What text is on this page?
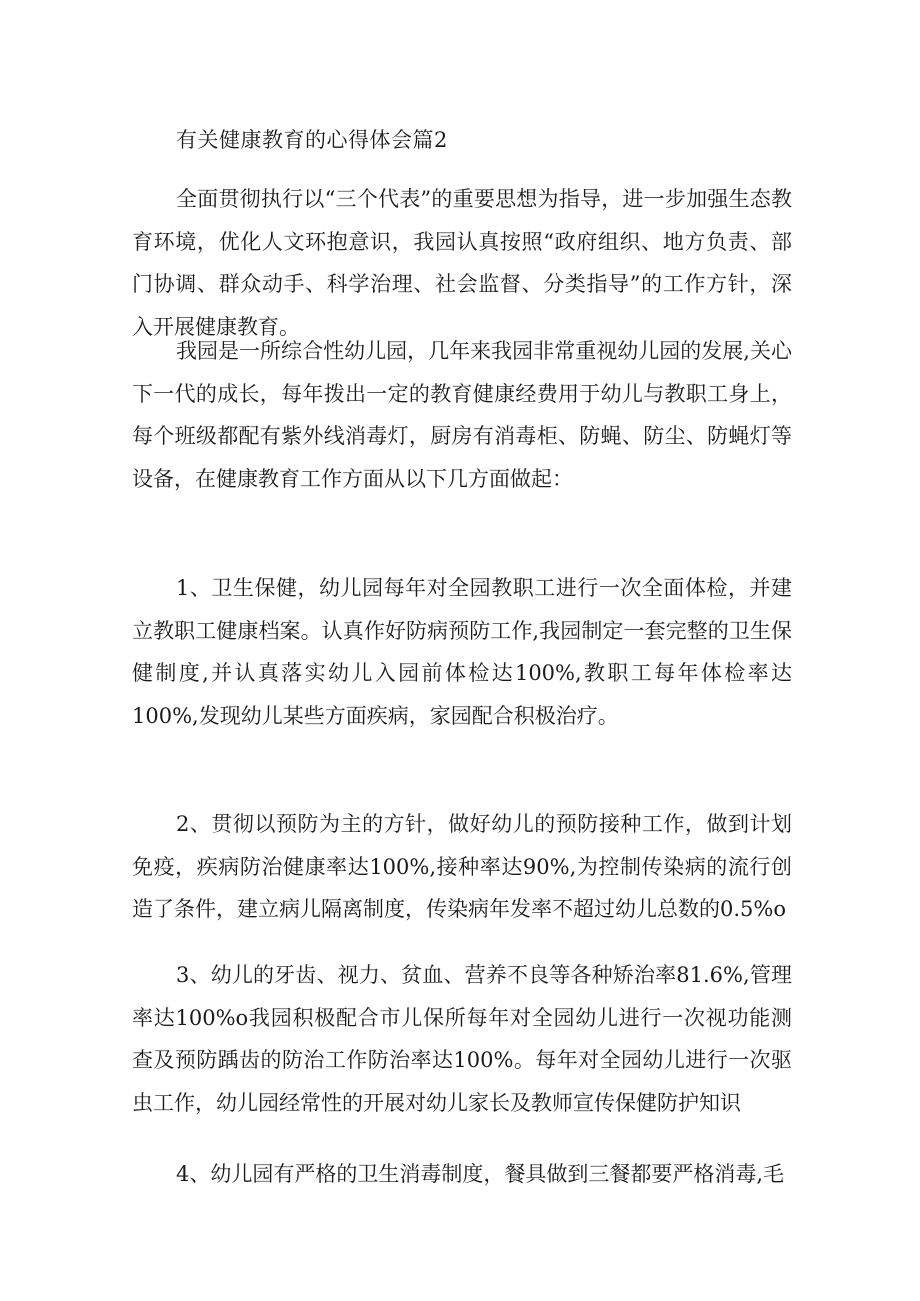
有关健康教育的心得体会篇2

全面贯彻执行以“三个代表”的重要思想为指导，进一步加强生态教育环境，优化人文环抱意识，我园认真按照“政府组织、地方负责、部门协调、群众动手、科学治理、社会监督、分类指导”的工作方针，深入开展健康教育。

我园是一所综合性幼儿园，几年来我园非常重视幼儿园的发展,关心下一代的成长，每年拨出一定的教育健康经费用于幼儿与教职工身上，每个班级都配有紫外线消毒灯，厨房有消毒柜、防蝇、防尘、防蝇灯等设备，在健康教育工作方面从以下几方面做起：

1、卫生保健，幼儿园每年对全园教职工进行一次全面体检，并建立教职工健康档案。认真作好防病预防工作,我园制定一套完整的卫生保健制度,并认真落实幼儿入园前体检达100%,教职工每年体检率达100%,发现幼儿某些方面疾病，家园配合积极治疗。

2、贯彻以预防为主的方针，做好幼儿的预防接种工作，做到计划免疫，疾病防治健康率达100%,接种率达90%,为控制传染病的流行创造了条件，建立病儿隔离制度，传染病年发率不超过幼儿总数的0.5%o

3、幼儿的牙齿、视力、贫血、营养不良等各种矫治率81.6%,管理率达100%o我园积极配合市儿保所每年对全园幼儿进行一次视功能测查及预防踽齿的防治工作防治率达100%。每年对全园幼儿进行一次驱虫工作，幼儿园经常性的开展对幼儿家长及教师宣传保健防护知识

4、幼儿园有严格的卫生消毒制度，餐具做到三餐都要严格消毒,毛
